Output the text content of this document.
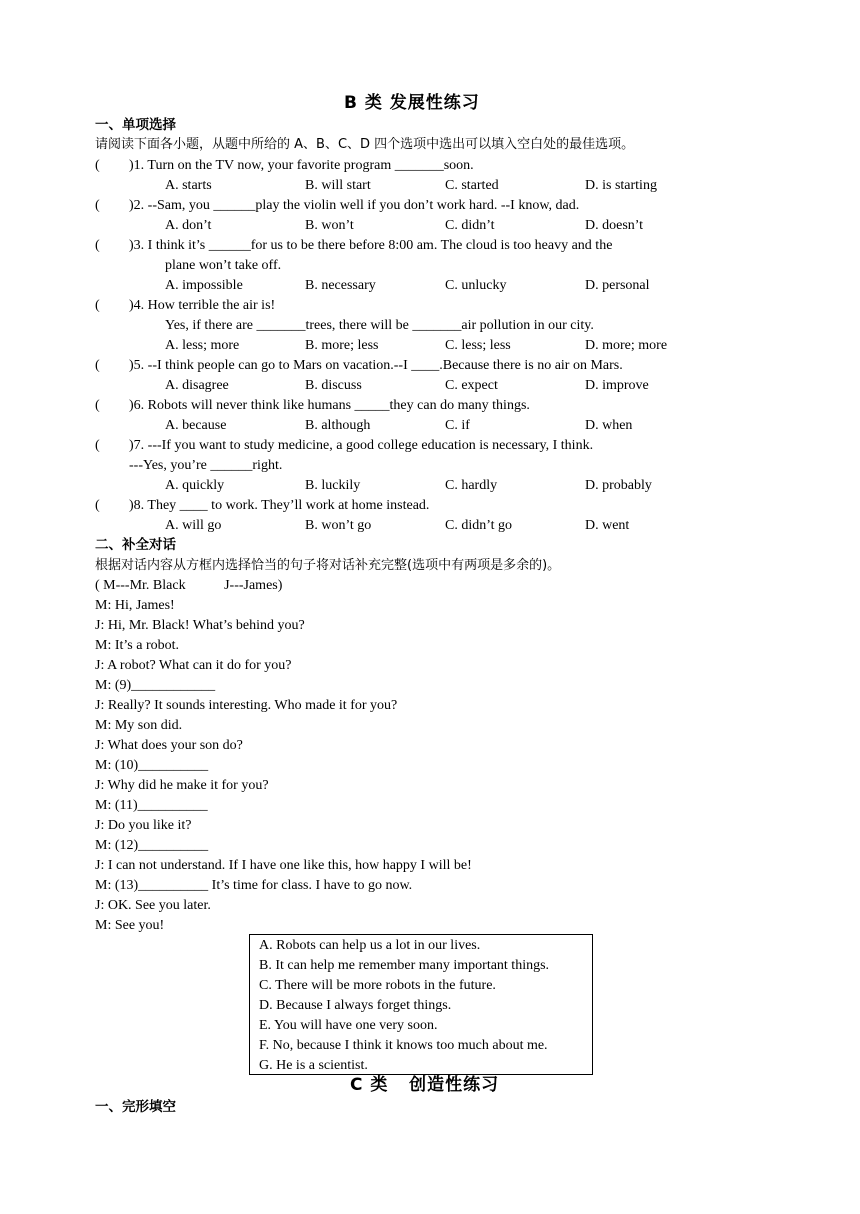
B 类 发展性练习
一、单项选择
请阅读下面各小题，从题中所给的 A、B、C、D 四个选项中选出可以填入空白处的最佳选项。
( )1. Turn on the TV now, your favorite program _______soon.
A. starts	B. will start	C. started	D. is starting
( )2. --Sam, you ______play the violin well if you don’t work hard. --I know, dad.
A. don’t	B. won’t	C. didn’t	D. doesn’t
( )3. I think it’s ______for us to be there before 8:00 am. The cloud is too heavy and the
plane won’t take off.
A. impossible	B. necessary	C. unlucky	D. personal
( )4. How terrible the air is!
Yes, if there are _______trees, there will be _______air pollution in our city.
A. less; more	B. more; less	C. less; less	D. more; more
( )5. --I think people can go to Mars on vacation.--I ____.Because there is no air on Mars.
A. disagree	B. discuss	C. expect	D. improve
( )6. Robots will never think like humans _____they can do many things.
A. because	B. although	C. if	D. when
( )7. ---If you want to study medicine, a good college education is necessary, I think.
---Yes, you’re ______right.
A. quickly	B. luckily	C. hardly	D. probably
( )8. They ____ to work. They’ll work at home instead.
A. will go	B. won’t go	C. didn’t go	D. went
二、补全对话
根据对话内容从方框内选择恰当的句子将对话补充完整(选项中有两项是多余的)。
( M---Mr. Black           J---James)
M: Hi, James!
J: Hi, Mr. Black! What’s behind you?
M: It’s a robot.
J: A robot? What can it do for you?
M: (9)____________
J: Really? It sounds interesting. Who made it for you?
M: My son did.
J: What does your son do?
M: (10)__________
J: Why did he make it for you?
M: (11)__________
J: Do you like it?
M: (12)__________
J: I can not understand. If I have one like this, how happy I will be!
M: (13)__________ It’s time for class. I have to go now.
J: OK. See you later.
M: See you!
A. Robots can help us a lot in our lives.
B. It can help me remember many important things.
C. There will be more robots in the future.
D. Because I always forget things.
E. You will have one very soon.
F. No, because I think it knows too much about me.
G. He is a scientist.
C 类   创造性练习
一、完形填空
